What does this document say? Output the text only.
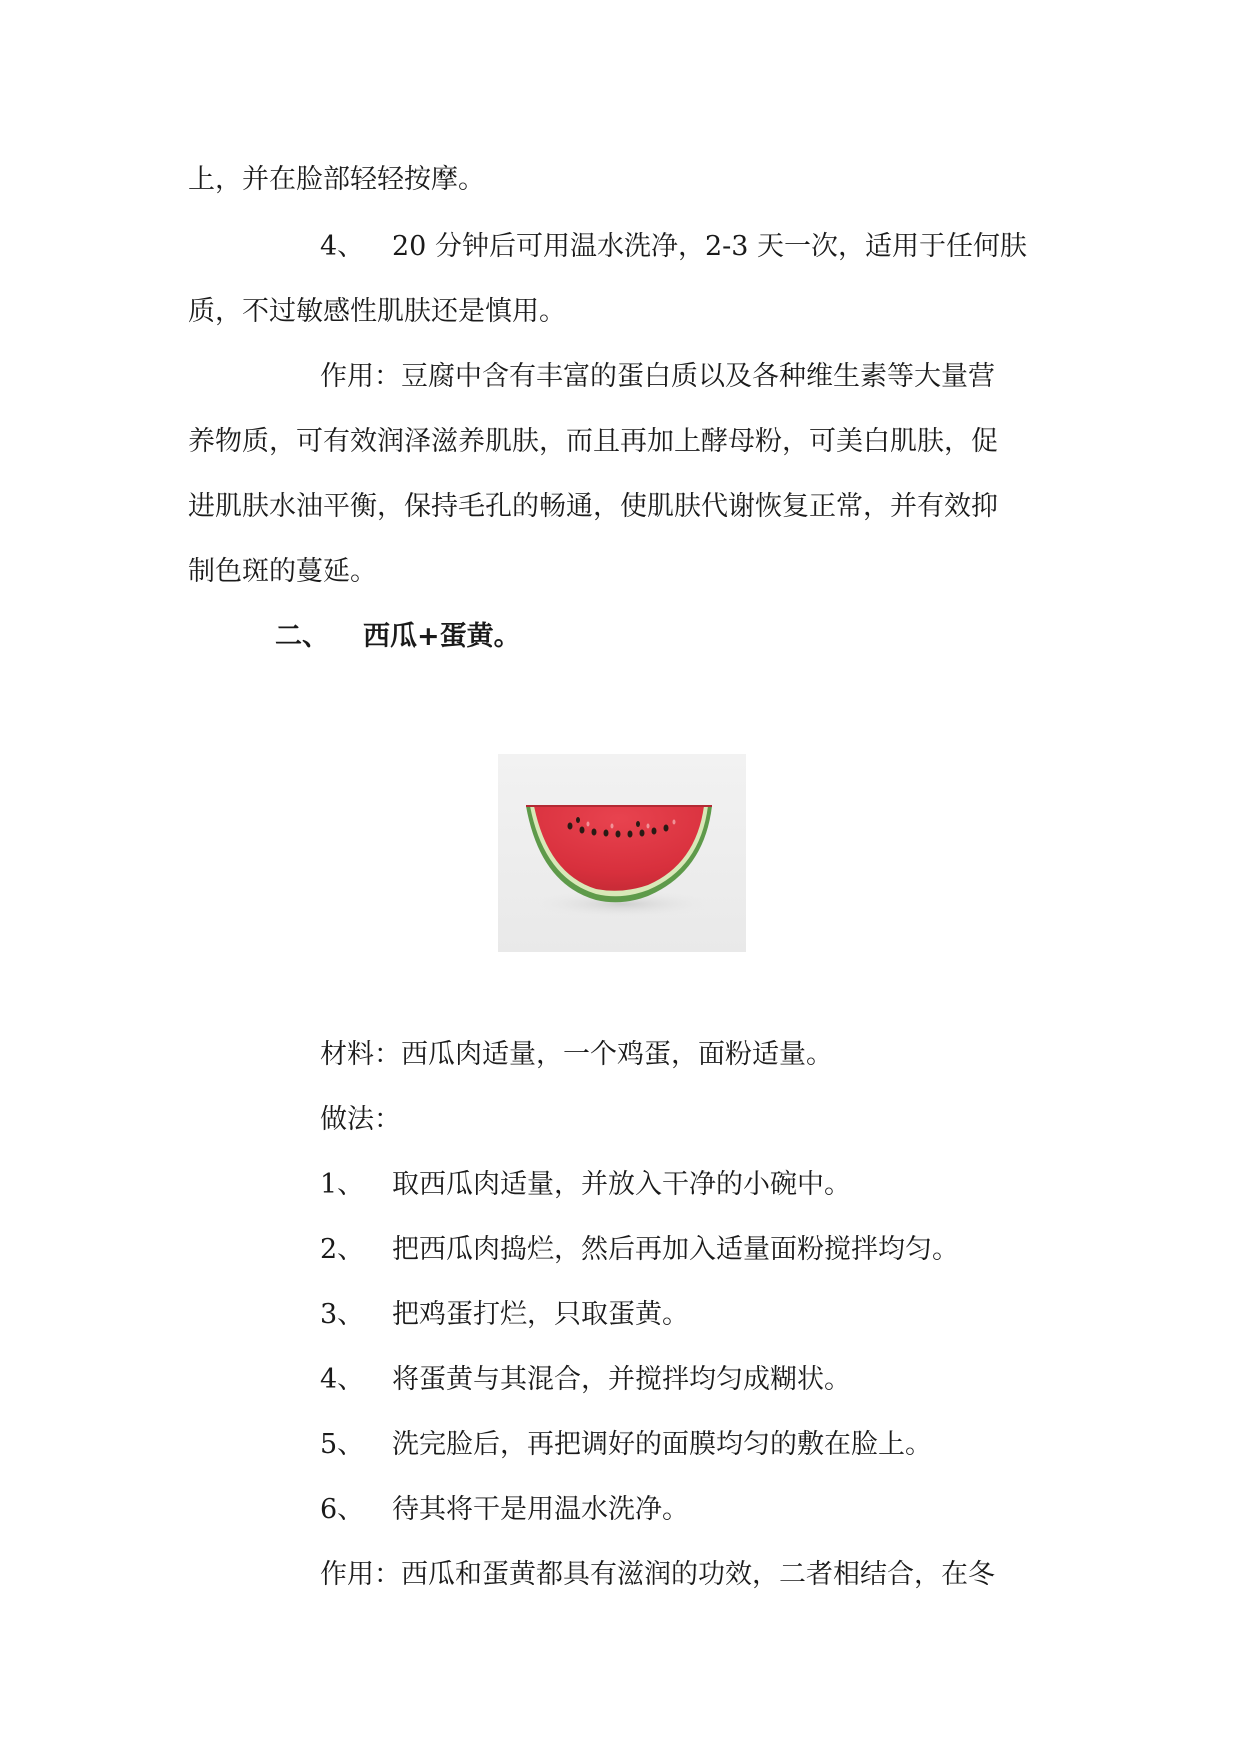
上，并在脸部轻轻按摩。
4、 20 分钟后可用温水洗净，2-3 天一次，适用于任何肤
质，不过敏感性肌肤还是慎用。
作用：豆腐中含有丰富的蛋白质以及各种维生素等大量营
养物质，可有效润泽滋养肌肤，而且再加上酵母粉，可美白肌肤，促
进肌肤水油平衡，保持毛孔的畅通，使肌肤代谢恢复正常，并有效抑
制色斑的蔓延。
二、 西瓜+蛋黄。
材料：西瓜肉适量，一个鸡蛋，面粉适量。
做法：
1、 取西瓜肉适量，并放入干净的小碗中。
2、 把西瓜肉捣烂，然后再加入适量面粉搅拌均匀。
3、 把鸡蛋打烂，只取蛋黄。
4、 将蛋黄与其混合，并搅拌均匀成糊状。
5、 洗完脸后，再把调好的面膜均匀的敷在脸上。
6、 待其将干是用温水洗净。
作用：西瓜和蛋黄都具有滋润的功效，二者相结合，在冬
